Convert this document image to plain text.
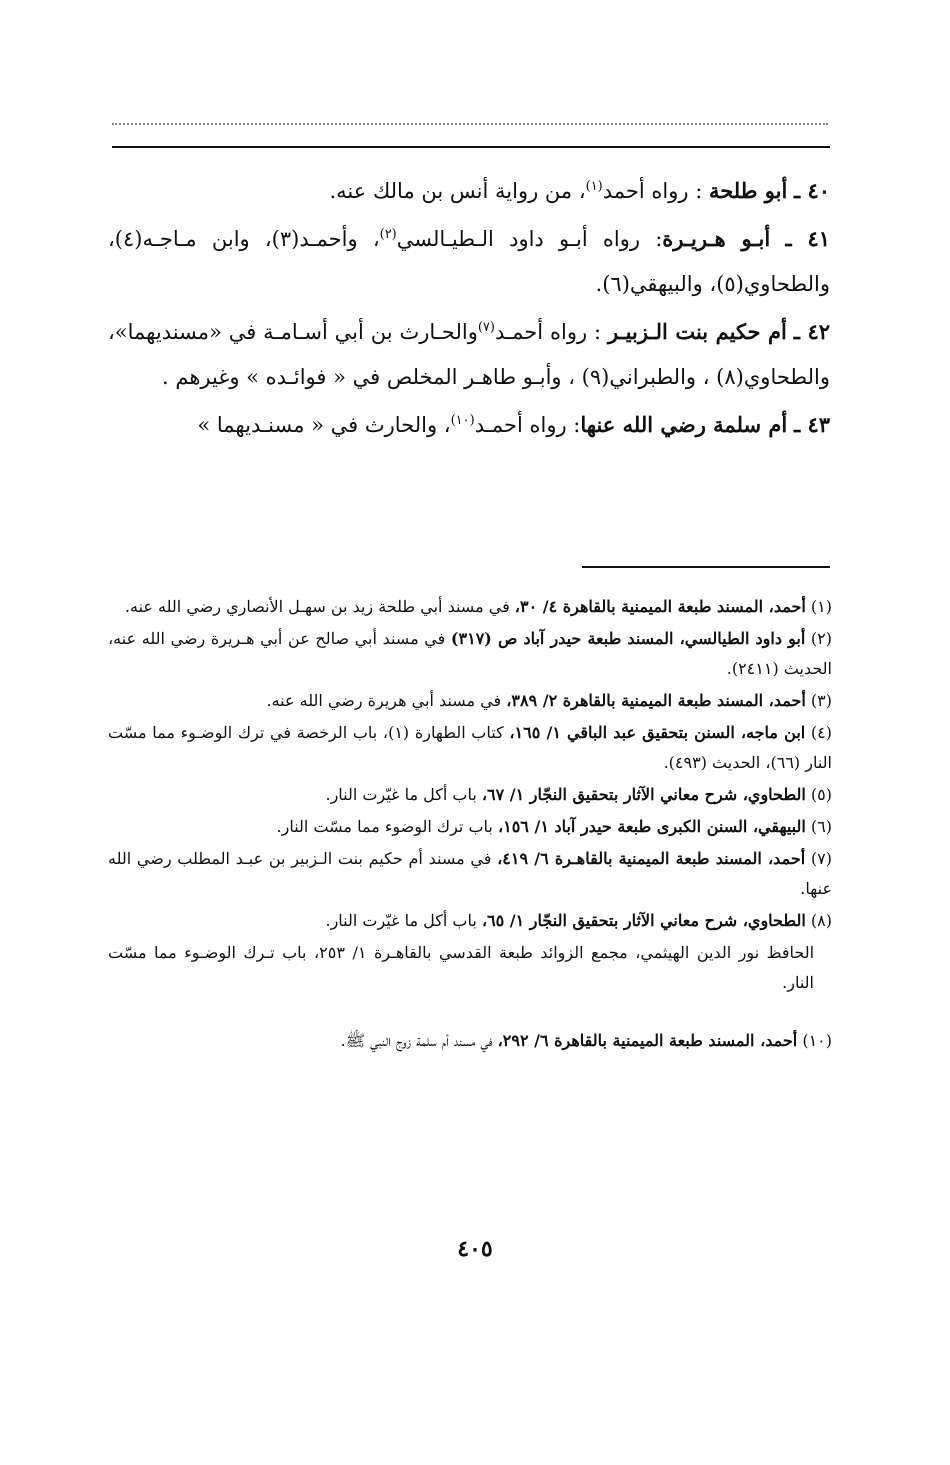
٤٠ ـ أبو طلحة : رواه أحمد$^{(١)}$، من رواية أنس بن مالك عنه.

٤١ ـ أبـو هـريـرة: رواه أبـو داود الـطيـالسي$^{(٢)}$، وأحمـد(٣)، وابن مـاجـه(٤)، والطحاوي(٥)، والبيهقي(٦).

٤٢ ـ أم حكيم بنت الـزبيـر : رواه أحمـد$^{(٧)}$والحـارث بن أبي أسـامـة في «مسنديهما»، والطحاوي(٨) ، والطبراني(٩) ، وأبـو طاهـر المخلص في « فوائـده » وغيرهم .

٤٣ ـ أم سلمة رضي الله عنها: رواه أحمـد$^{(١٠)}$، والحارث في « مسنـديهما »

(١) أحمد، المسند طبعة الميمنية بالقاهرة ٤/ ٣٠، في مسند أبي طلحة زيد بن سهـل الأنصاري رضي الله عنه.

(٢) أبو داود الطيالسي، المسند طبعة حيدر آباد ص (٣١٧) في مسند أبي صالح عن أبي هـريرة رضي الله عنه، الحديث (٢٤١١).

(٣) أحمد، المسند طبعة الميمنية بالقاهرة ٢/ ٣٨٩، في مسند أبي هريرة رضي الله عنه.

(٤) ابن ماجه، السنن بتحقيق عبد الباقي ١/ ١٦٥، كتاب الطهارة (١)، باب الرخصة في ترك الوضـوء مما مسّت النار (٦٦)، الحديث (٤٩٣).

(٥) الطحاوي، شرح معاني الآثار بتحقيق النجّار ١/ ٦٧، باب أكل ما غيّرت النار.

(٦) البيهقي، السنن الكبرى طبعة حيدر آباد ١/ ١٥٦، باب ترك الوضوء مما مسّت النار.

(٧) أحمد، المسند طبعة الميمنية بالقاهـرة ٦/ ٤١٩، في مسند أم حكيم بنت الـزبير بن عبـد المطلب رضي الله عنها.

(٨) الطحاوي، شرح معاني الآثار بتحقيق النجّار ١/ ٦٥، باب أكل ما غيّرت النار.

الحافظ نور الدين الهيثمي، مجمع الزوائد طبعة القدسي بالقاهـرة ١/ ٢٥٣، باب تـرك الوضـوء مما مسّت النار.

(١٠) أحمد، المسند طبعة الميمنية بالقاهرة ٦/ ٢٩٢، في مسند أم سلمة زوج النبي ﷺ.

٤٠٥
